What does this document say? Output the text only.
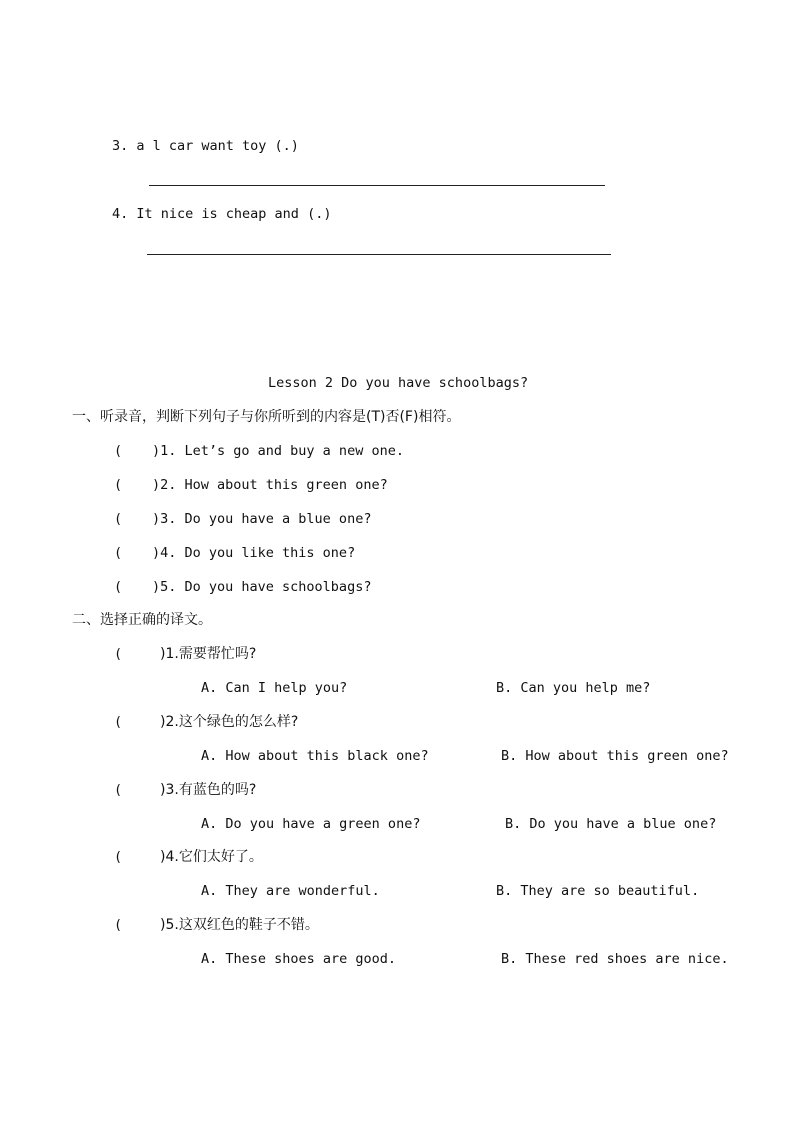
3. a l car want toy (.)
4. It nice is cheap and (.)
Lesson 2 Do you have schoolbags?
一、听录音，判断下列句子与你所听到的内容是(T)否(F)相符。
( )1. Let’s go and buy a new one.
( )2. How about this green one?
( )3. Do you have a blue one?
( )4. Do you like this one?
( )5. Do you have schoolbags?
二、选择正确的译文。
(	)1.需要帮忙吗?
A. Can I help you?	B. Can you help me?
(	)2.这个绿色的怎么样?
A. How about this black one?	B. How about this green one?
(	)3.有蓝色的吗?
A. Do you have a green one?	B. Do you have a blue one?
(	)4.它们太好了。
A. They are wonderful.	B. They are so beautiful.
(	)5.这双红色的鞋子不错。
A. These shoes are good.	B. These red shoes are nice.
